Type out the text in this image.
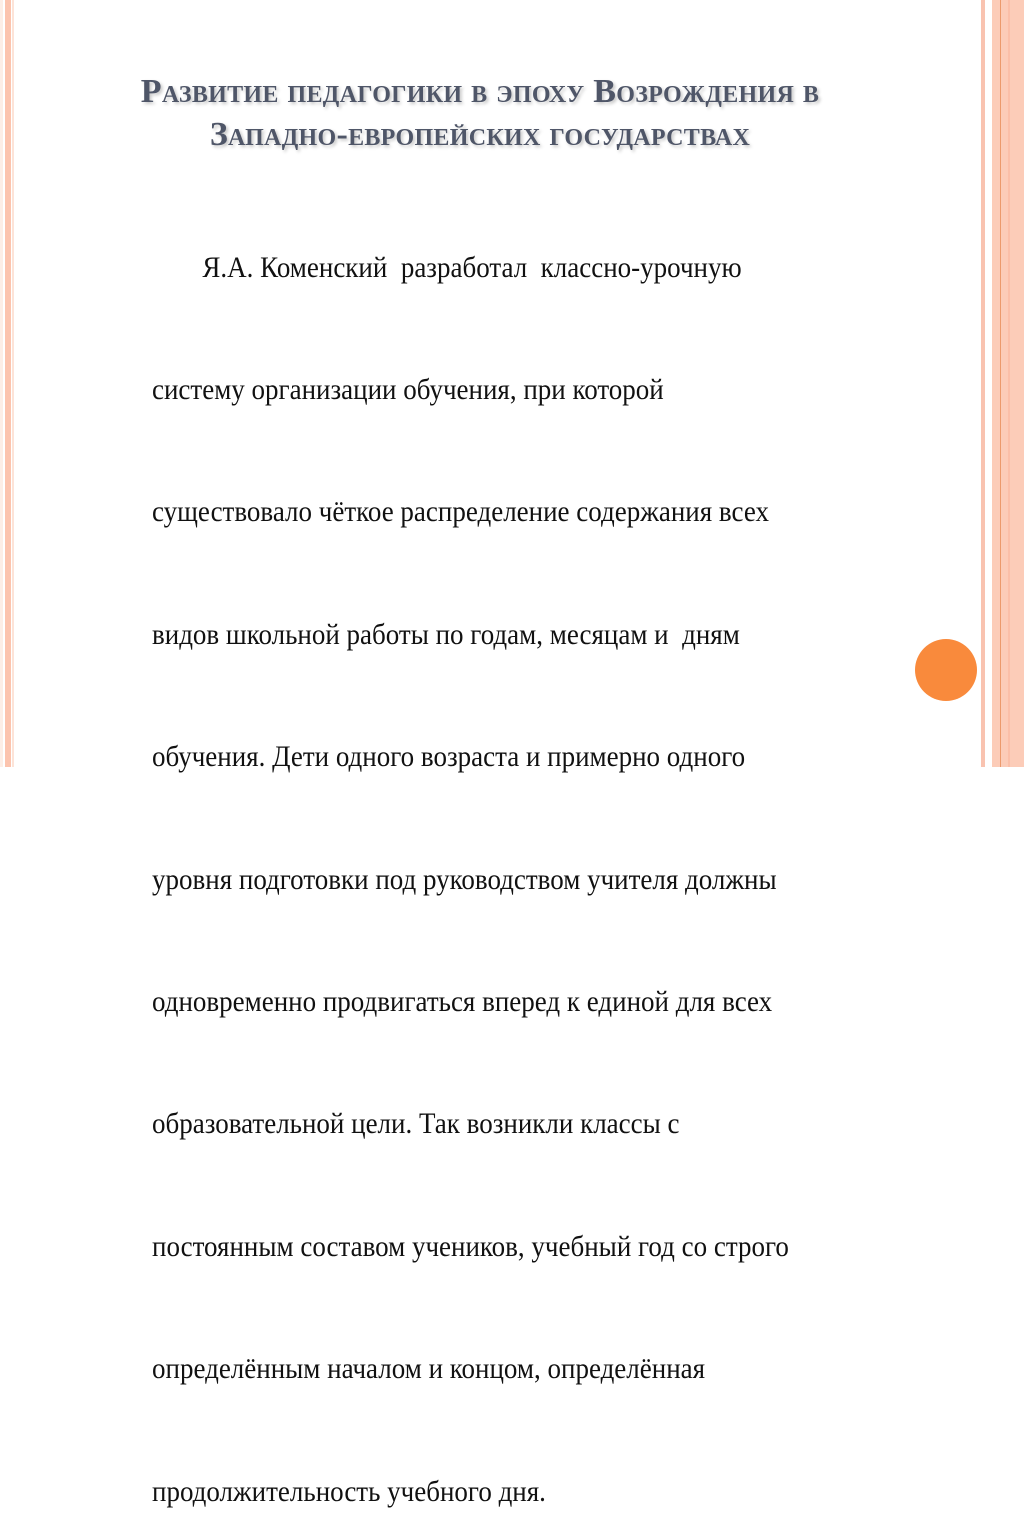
Развитие педагогики в эпоху Возрождения в
Западно-европейских государствах

Я.А. Коменский  разработал  классно-урочную

систему организации обучения, при которой

существовало чёткое распределение содержания всех

видов школьной работы по годам, месяцам и  дням

обучения. Дети одного возраста и примерно одного

уровня подготовки под руководством учителя должны

одновременно продвигаться вперед к единой для всех

образовательной цели. Так возникли классы с

постоянным составом учеников, учебный год со строго

определённым началом и концом, определённая

продолжительность учебного дня.
